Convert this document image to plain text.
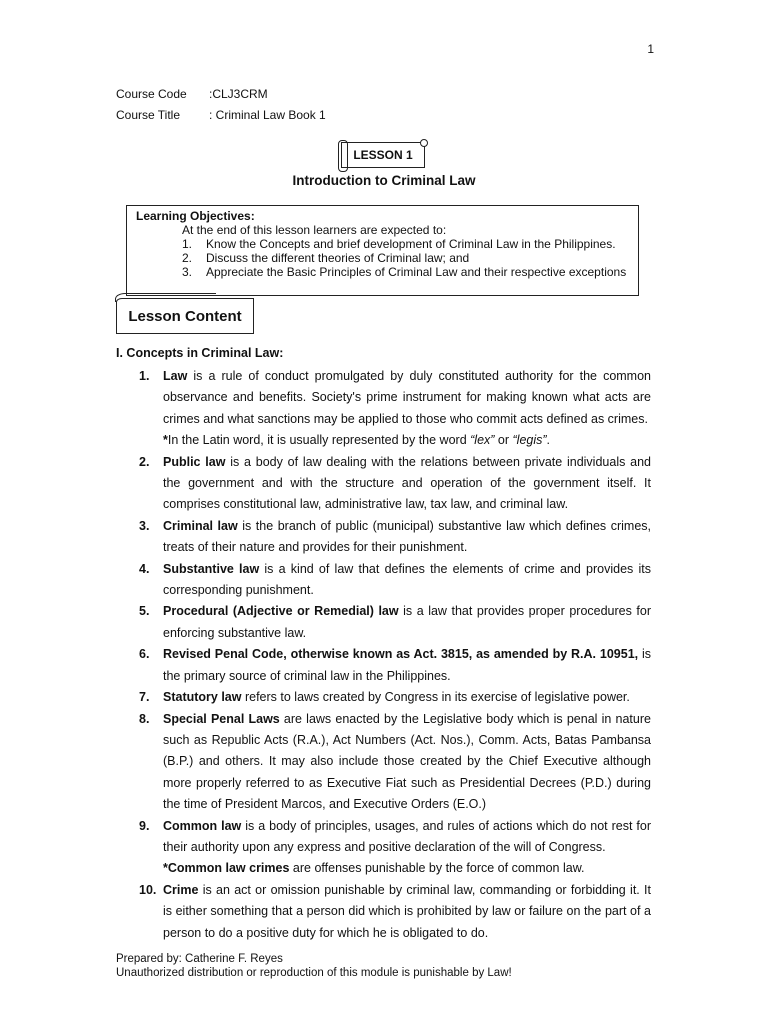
1
Course Code :CLJ3CRM
Course Title : Criminal Law Book 1
LESSON 1
Introduction to Criminal Law
Learning Objectives:
At the end of this lesson learners are expected to:
1. Know the Concepts and brief development of Criminal Law in the Philippines.
2. Discuss the different theories of Criminal law; and
3. Appreciate the Basic Principles of Criminal Law and their respective exceptions
Lesson Content
I. Concepts in Criminal Law:
1. Law is a rule of conduct promulgated by duly constituted authority for the common observance and benefits. Society's prime instrument for making known what acts are crimes and what sanctions may be applied to those who commit acts defined as crimes.
*In the Latin word, it is usually represented by the word “lex” or “legis”.
2. Public law is a body of law dealing with the relations between private individuals and the government and with the structure and operation of the government itself. It comprises constitutional law, administrative law, tax law, and criminal law.
3. Criminal law is the branch of public (municipal) substantive law which defines crimes, treats of their nature and provides for their punishment.
4. Substantive law is a kind of law that defines the elements of crime and provides its corresponding punishment.
5. Procedural (Adjective or Remedial) law is a law that provides proper procedures for enforcing substantive law.
6. Revised Penal Code, otherwise known as Act. 3815, as amended by R.A. 10951, is the primary source of criminal law in the Philippines.
7. Statutory law refers to laws created by Congress in its exercise of legislative power.
8. Special Penal Laws are laws enacted by the Legislative body which is penal in nature such as Republic Acts (R.A.), Act Numbers (Act. Nos.), Comm. Acts, Batas Pambansa (B.P.) and others. It may also include those created by the Chief Executive although more properly referred to as Executive Fiat such as Presidential Decrees (P.D.) during the time of President Marcos, and Executive Orders (E.O.)
9. Common law is a body of principles, usages, and rules of actions which do not rest for their authority upon any express and positive declaration of the will of Congress.
*Common law crimes are offenses punishable by the force of common law.
10. Crime is an act or omission punishable by criminal law, commanding or forbidding it. It is either something that a person did which is prohibited by law or failure on the part of a person to do a positive duty for which he is obligated to do.
Prepared by: Catherine F. Reyes
Unauthorized distribution or reproduction of this module is punishable by Law!
